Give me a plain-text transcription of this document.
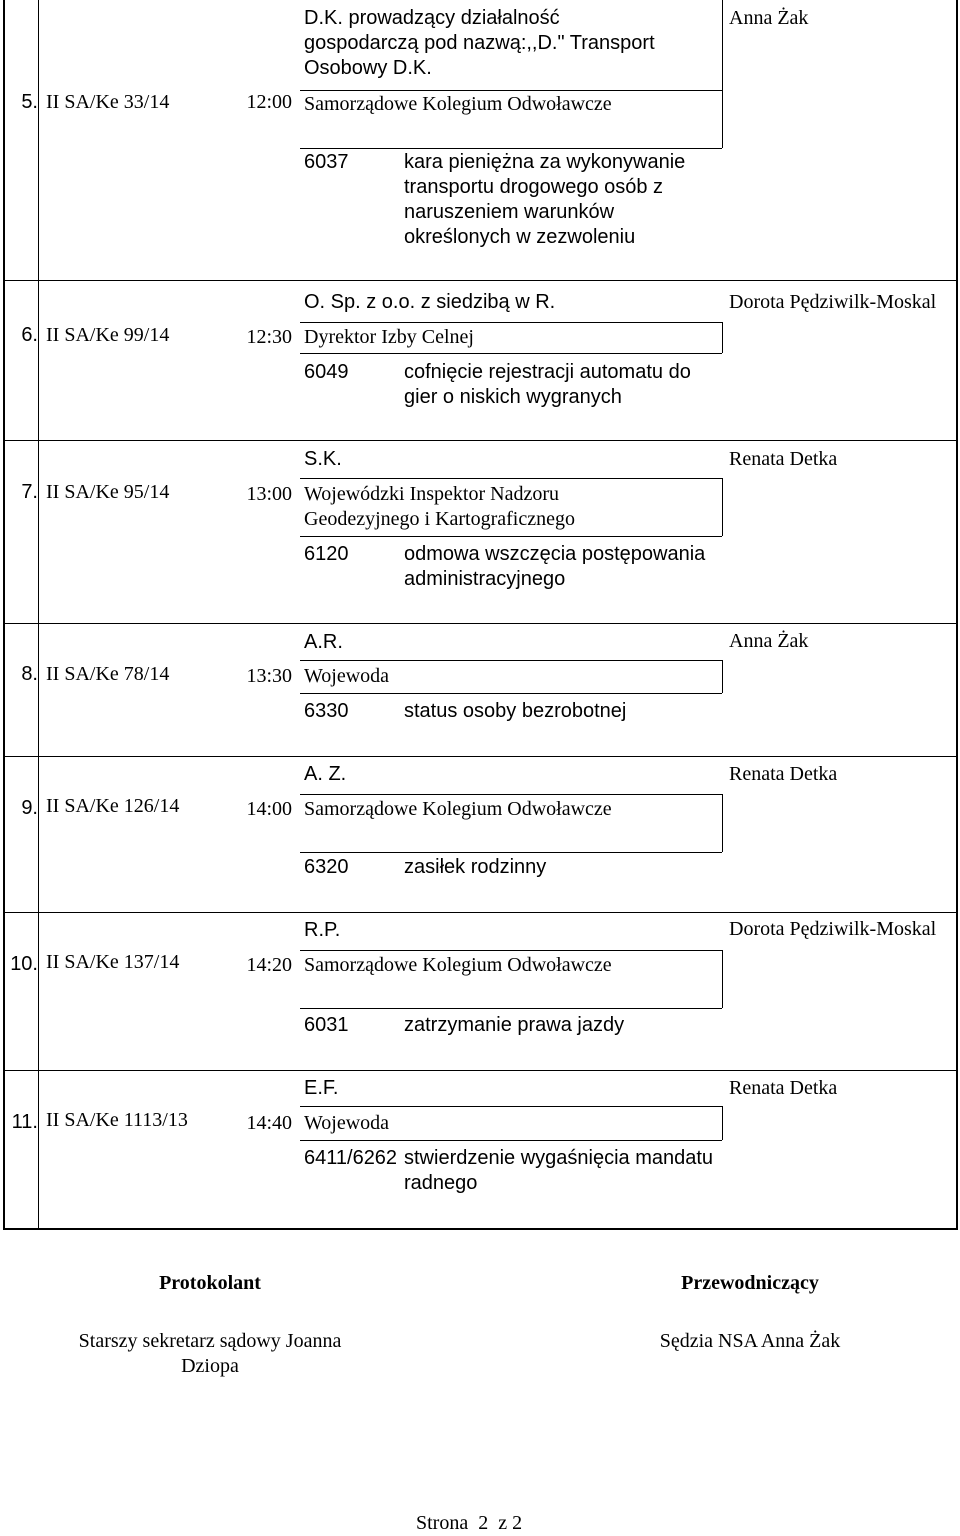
5. II SA/Ke 33/14	12:00
D.K. prowadzący działalność
gospodarczą pod nazwą:,,D." Transport
Osobowy D.K.
Samorządowe Kolegium Odwoławcze
6037	kara pieniężna za wykonywanie
transportu drogowego osób z
naruszeniem warunków
określonych w zezwoleniu
Anna Żak
6. II SA/Ke 99/14	12:30
O. Sp. z o.o. z siedzibą w R.
Dyrektor Izby Celnej
6049	cofnięcie rejestracji automatu do
gier o niskich wygranych
Dorota Pędziwilk-Moskal
7. II SA/Ke 95/14	13:00
S.K.
Wojewódzki Inspektor Nadzoru
Geodezyjnego i Kartograficznego
6120	odmowa wszczęcia postępowania
administracyjnego
Renata Detka
8. II SA/Ke 78/14	13:30
A.R.
Wojewoda
6330	status osoby bezrobotnej
Anna Żak
9. II SA/Ke 126/14	14:00
A. Z.
Samorządowe Kolegium Odwoławcze
6320	zasiłek rodzinny
Renata Detka
10. II SA/Ke 137/14	14:20
R.P.
Samorządowe Kolegium Odwoławcze
6031	zatrzymanie prawa jazdy
Dorota Pędziwilk-Moskal
11. II SA/Ke 1113/13	14:40
E.F.
Wojewoda
6411/6262 stwierdzenie wygaśnięcia mandatu
radnego
Renata Detka
Protokolant
Starszy sekretarz sądowy Joanna
Dziopa
Przewodniczący
Sędzia NSA Anna Żak
Strona 2 z 2
